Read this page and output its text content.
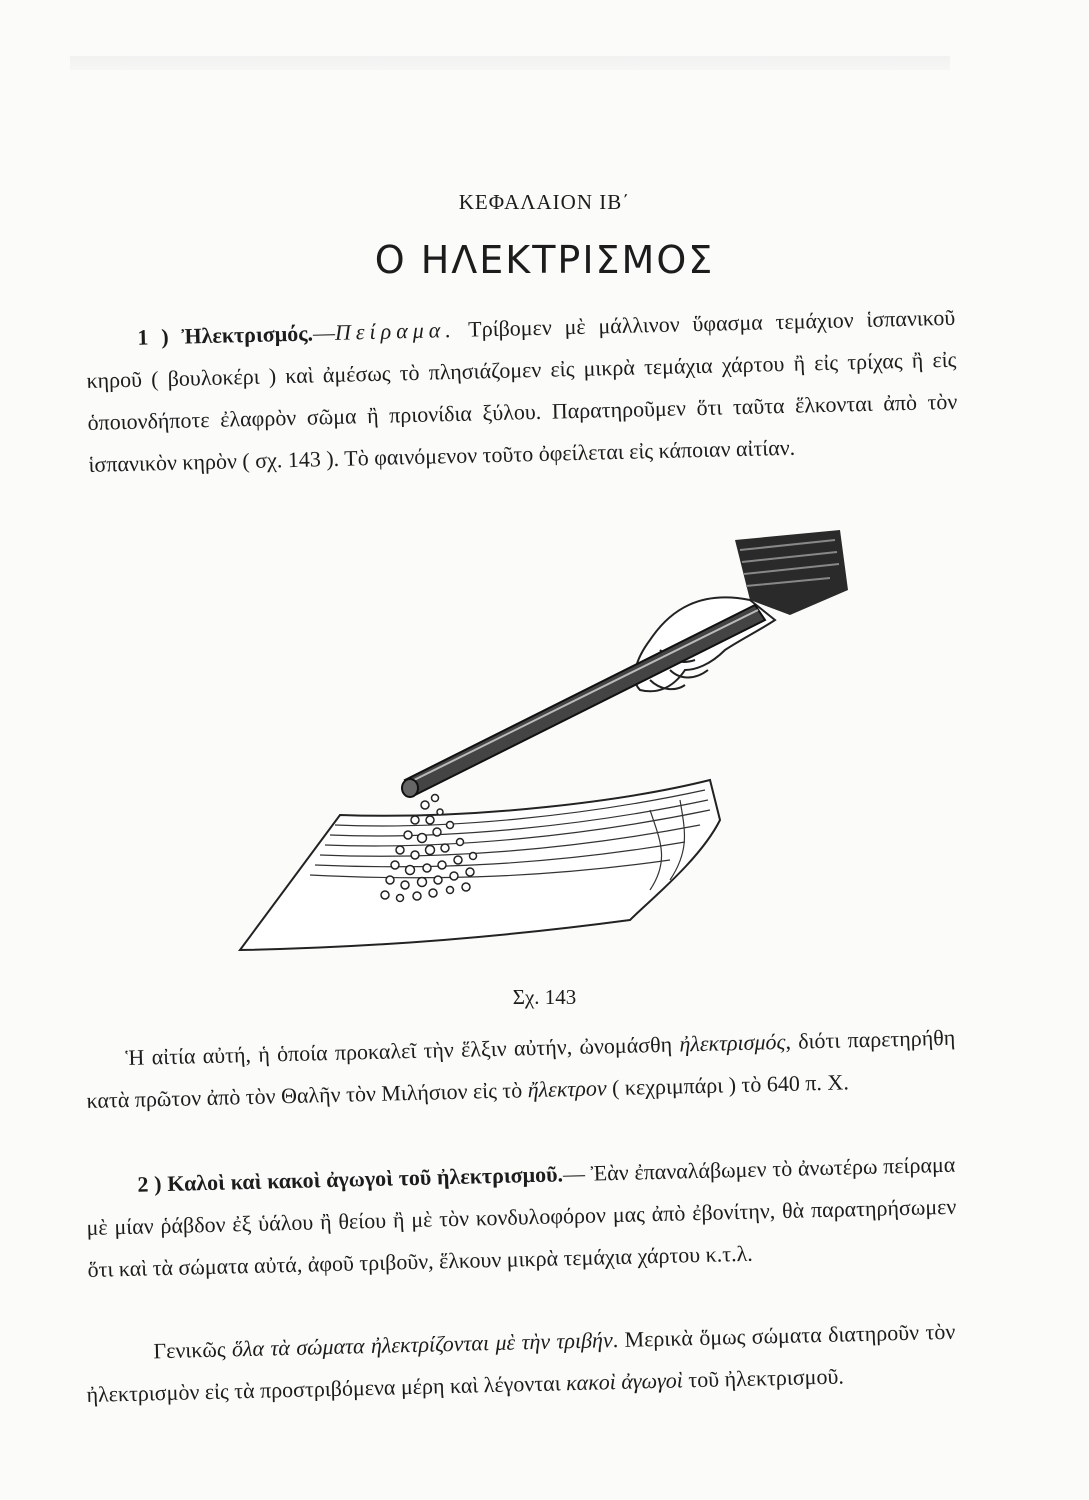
ΚΕΦΑΛΑΙΟΝ ΙΒ΄
Ο ΗΛΕΚΤΡΙΣΜΟΣ
1 ) Ἠλεκτρισμός.—Πείραμα. Τρίβομεν μὲ μάλλινον ὕφασμα τεμάχιον ἱσπανικοῦ κηροῦ ( βουλοκέρι ) καὶ ἀμέσως τὸ πλησιάζομεν εἰς μικρὰ τεμάχια χάρτου ἢ εἰς τρίχας ἢ εἰς ὁποιονδήποτε ἐλαφρὸν σῶμα ἢ πριονίδια ξύλου. Παρατηροῦμεν ὅτι ταῦτα ἕλκονται ἀπὸ τὸν ἱσπανικὸν κηρὸν ( σχ. 143 ). Τὸ φαινόμενον τοῦτο ὀφείλεται εἰς κάποιαν αἰτίαν.
Σχ. 143
Ἡ αἰτία αὐτή, ἡ ὁποία προκαλεῖ τὴν ἕλξιν αὐτήν, ὠνομάσθη ἠλεκτρισμός, διότι παρετηρήθη κατὰ πρῶτον ἀπὸ τὸν Θαλῆν τὸν Μιλήσιον εἰς τὸ ἤλεκτρον ( κεχριμπάρι ) τὸ 640 π. Χ.
2 ) Καλοὶ καὶ κακοὶ ἀγωγοὶ τοῦ ἠλεκτρισμοῦ.— Ἐὰν ἐπαναλάβωμεν τὸ ἀνωτέρω πείραμα μὲ μίαν ῥάβδον ἐξ ὑάλου ἢ θείου ἢ μὲ τὸν κονδυλοφόρον μας ἀπὸ ἐβονίτην, θὰ παρατηρήσωμεν ὅτι καὶ τὰ σώματα αὐτά, ἀφοῦ τριβοῦν, ἕλκουν μικρὰ τεμάχια χάρτου κ.τ.λ.
Γενικῶς ὅλα τὰ σώματα ἠλεκτρίζονται μὲ τὴν τριβήν. Μερικὰ ὅμως σώματα διατηροῦν τὸν ἠλεκτρισμὸν εἰς τὰ προστριβόμενα μέρη καὶ λέγονται κακοὶ ἀγωγοὶ τοῦ ἠλεκτρισμοῦ.
